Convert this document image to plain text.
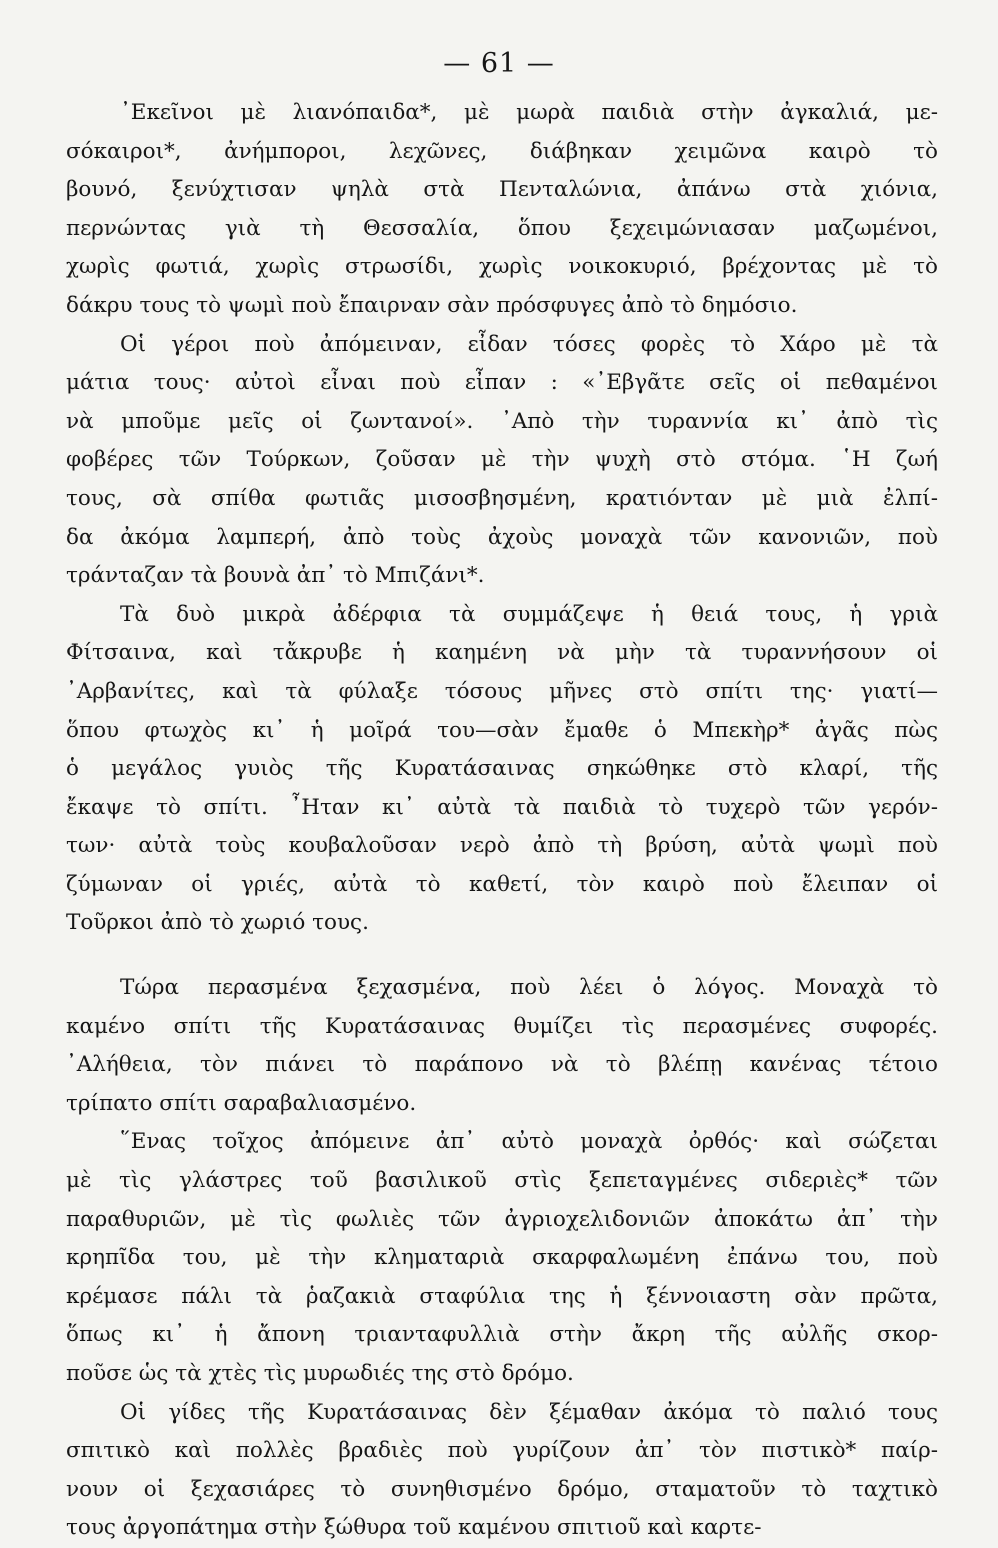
— 61 —
᾽Εκεῖνοι μὲ λιανόπαιδα*, μὲ μωρὰ παιδιὰ στὴν ἀγκαλιά, με-
σόκαιροι*, ἀνήμποροι, λεχῶνες, διάβηκαν χειμῶνα καιρὸ τὸ
βουνό, ξενύχτισαν ψηλὰ στὰ Πενταλώνια, ἀπάνω στὰ χιόνια,
περνώντας γιὰ τὴ Θεσσαλία, ὅπου ξεχειμώνιασαν μαζωμένοι,
χωρὶς φωτιά, χωρὶς στρωσίδι, χωρὶς νοικοκυριό, βρέχοντας μὲ τὸ
δάκρυ τους τὸ ψωμὶ ποὺ ἔπαιρναν σὰν πρόσφυγες ἀπὸ τὸ δημόσιο.
Οἱ γέροι ποὺ ἀπόμειναν, εἶδαν τόσες φορὲς τὸ Χάρο μὲ τὰ
μάτια τους· αὐτοὶ εἶναι ποὺ εἶπαν : «᾽Εβγᾶτε σεῖς οἱ πεθαμένοι
νὰ μποῦμε μεῖς οἱ ζωντανοί». ᾽Απὸ τὴν τυραννία κι᾽ ἀπὸ τὶς
φοβέρες τῶν Τούρκων, ζοῦσαν μὲ τὴν ψυχὴ στὸ στόμα. ῾Η ζωή
τους, σὰ σπίθα φωτιᾶς μισοσβησμένη, κρατιόνταν μὲ μιὰ ἐλπί-
δα ἀκόμα λαμπερή, ἀπὸ τοὺς ἀχοὺς μοναχὰ τῶν κανονιῶν, ποὺ
τράνταζαν τὰ βουνὰ ἀπ᾽ τὸ Μπιζάνι*.
Τὰ δυὸ μικρὰ ἀδέρφια τὰ συμμάζεψε ἡ θειά τους, ἡ γριὰ
Φίτσαινα, καὶ τἄκρυβε ἡ καημένη νὰ μὴν τὰ τυραννήσουν οἱ
᾽Αρβανίτες, καὶ τὰ φύλαξε τόσους μῆνες στὸ σπίτι της· γιατί—
ὅπου φτωχὸς κι᾽ ἡ μοῖρά του—σὰν ἔμαθε ὁ Μπεκὴρ* ἀγᾶς πὼς
ὁ μεγάλος γυιὸς τῆς Κυρατάσαινας σηκώθηκε στὸ κλαρί, τῆς
ἔκαψε τὸ σπίτι. ῏Ηταν κι᾽ αὐτὰ τὰ παιδιὰ τὸ τυχερὸ τῶν γερόν-
των· αὐτὰ τοὺς κουβαλοῦσαν νερὸ ἀπὸ τὴ βρύση, αὐτὰ ψωμὶ ποὺ
ζύμωναν οἱ γριές, αὐτὰ τὸ καθετί, τὸν καιρὸ ποὺ ἔλειπαν οἱ
Τοῦρκοι ἀπὸ τὸ χωριό τους.
Τώρα περασμένα ξεχασμένα, ποὺ λέει ὁ λόγος. Μοναχὰ τὸ
καμένο σπίτι τῆς Κυρατάσαινας θυμίζει τὶς περασμένες συφορές.
᾽Αλήθεια, τὸν πιάνει τὸ παράπονο νὰ τὸ βλέπῃ κανένας τέτοιο
τρίπατο σπίτι σαραβαλιασμένο.
῞Ενας τοῖχος ἀπόμεινε ἀπ᾽ αὐτὸ μοναχὰ ὀρθός· καὶ σώζεται
μὲ τὶς γλάστρες τοῦ βασιλικοῦ στὶς ξεπεταγμένες σιδεριὲς* τῶν
παραθυριῶν, μὲ τὶς φωλιὲς τῶν ἀγριοχελιδονιῶν ἀποκάτω ἀπ᾽ τὴν
κρηπῖδα του, μὲ τὴν κληματαριὰ σκαρφαλωμένη ἐπάνω του, ποὺ
κρέμασε πάλι τὰ ῥαζακιὰ σταφύλια της ἡ ξέννοιαστη σὰν πρῶτα,
ὅπως κι᾽ ἡ ἄπονη τριανταφυλλιὰ στὴν ἄκρη τῆς αὐλῆς σκορ-
ποῦσε ὡς τὰ χτὲς τὶς μυρωδιές της στὸ δρόμο.
Οἱ γίδες τῆς Κυρατάσαινας δὲν ξέμαθαν ἀκόμα τὸ παλιό τους
σπιτικὸ καὶ πολλὲς βραδιὲς ποὺ γυρίζουν ἀπ᾽ τὸν πιστικὸ* παίρ-
νουν οἱ ξεχασιάρες τὸ συνηθισμένο δρόμο, σταματοῦν τὸ ταχτικὸ
τους ἀργοπάτημα στὴν ξώθυρα τοῦ καμένου σπιτιοῦ καὶ καρτε-
